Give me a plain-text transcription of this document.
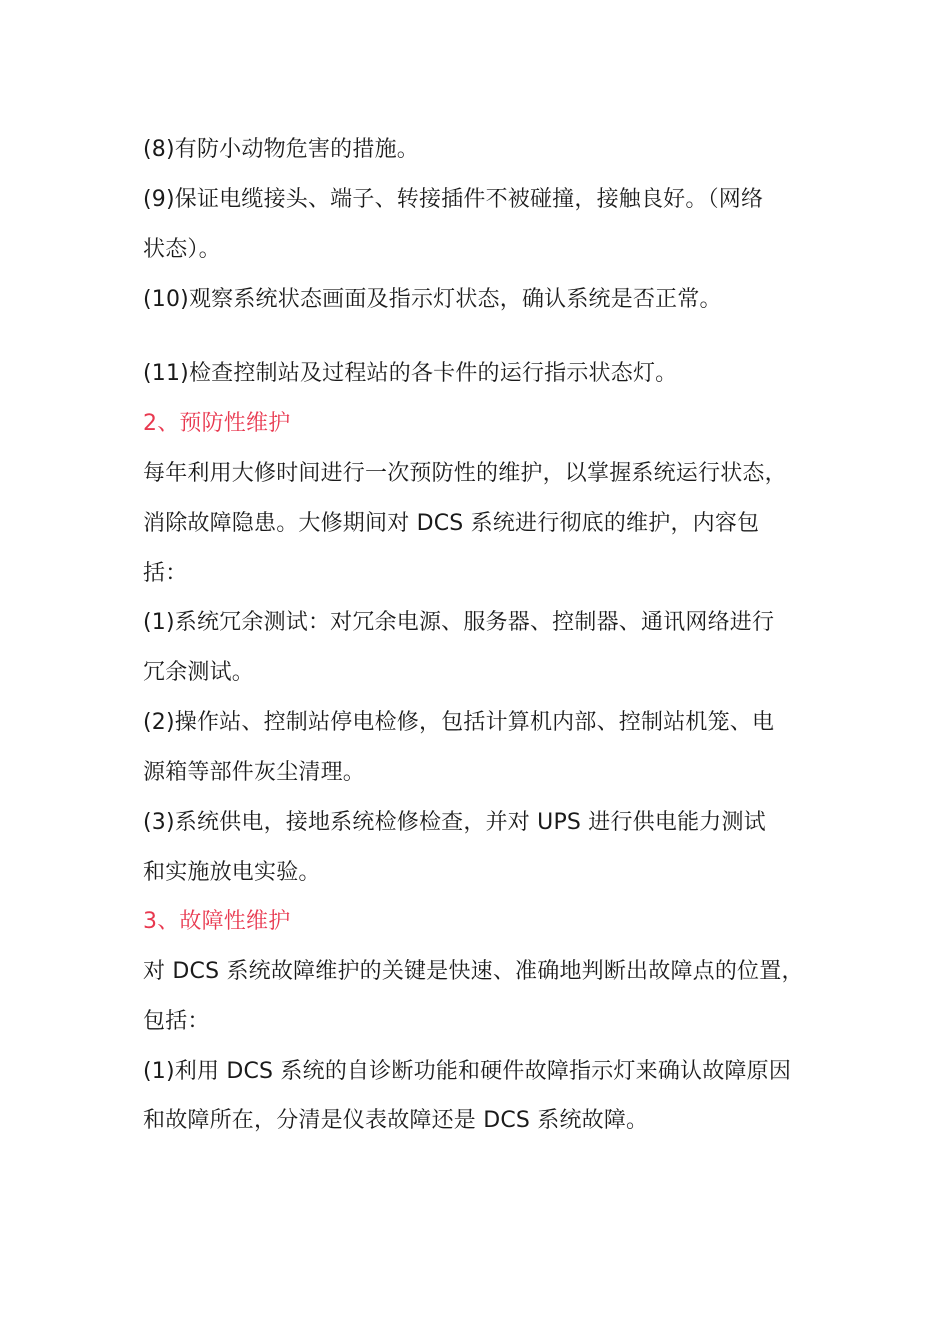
(8)有防小动物危害的措施。
(9)保证电缆接头、端子、转接插件不被碰撞，接触良好。（网络
状态）。
(10)观察系统状态画面及指示灯状态，确认系统是否正常。
(11)检查控制站及过程站的各卡件的运行指示状态灯。
2、预防性维护
每年利用大修时间进行一次预防性的维护，以掌握系统运行状态，
消除故障隐患。大修期间对 DCS 系统进行彻底的维护，内容包
括：
(1)系统冗余测试：对冗余电源、服务器、控制器、通讯网络进行
冗余测试。
(2)操作站、控制站停电检修，包括计算机内部、控制站机笼、电
源箱等部件灰尘清理。
(3)系统供电，接地系统检修检查，并对 UPS 进行供电能力测试
和实施放电实验。
3、故障性维护
对 DCS 系统故障维护的关键是快速、准确地判断出故障点的位置，
包括：
(1)利用 DCS 系统的自诊断功能和硬件故障指示灯来确认故障原因
和故障所在，分清是仪表故障还是 DCS 系统故障。
